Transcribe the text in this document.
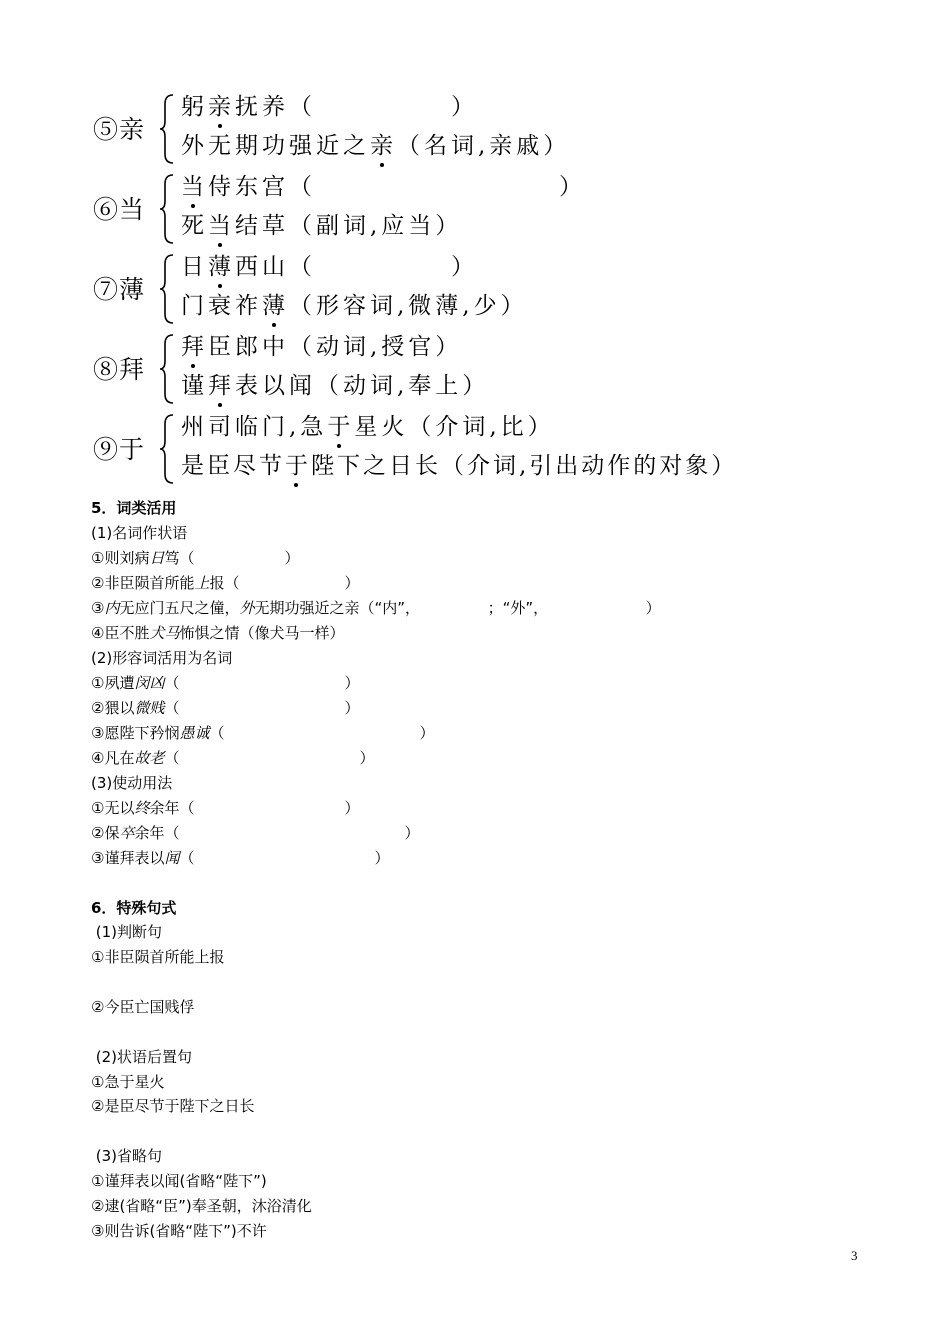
⑤亲
躬亲抚养（　　　　　	）
外无期功强近之亲（名词,亲戚）
⑥当
当侍东宫（　　　　　　　　　	）
死当结草（副词,应当）
⑦薄
日薄西山（　　　　　	）
门衰祚薄（形容词,微薄,少）
⑧拜
拜臣郎中（动词,授官）
谨拜表以闻（动词,奉上）
⑨于
州司临门,急于星火（介词,比）
是臣尽节于陛下之日长（介词,引出动作的对象）
5．词类活用
(1)名词作状语
①则刘病日笃（　　　　　　	）
②非臣陨首所能上报（　　　　　　　	）
③内无应门五尺之僮，外无期功强近之亲（“内”，　　　　　	；“外”，　　　　　　　	）
④臣不胜犬马怖惧之情（像犬马一样）
(2)形容词活用为名词
①夙遭闵凶（　　　　　　　　　　　	）
②猥以微贱（　　　　　　　　　　　	）
③愿陛下矜悯愚诚（　　　　　　　　　　　　　	）
④凡在故老（　　　　　　　　　　　　	）
(3)使动用法
①无以终余年（　　　　　　　　　　	）
②保卒余年（　　　　　　　　　　　　　　　	）
③谨拜表以闻（　　　　　　　　　　　　	）
6．特殊句式
(1)判断句
①非臣陨首所能上报
②今臣亡国贱俘
(2)状语后置句
①急于星火
②是臣尽节于陛下之日长
(3)省略句
①谨拜表以闻(省略“陛下”)
②逮(省略“臣”)奉圣朝，沐浴清化
③则告诉(省略“陛下”)不许
3
